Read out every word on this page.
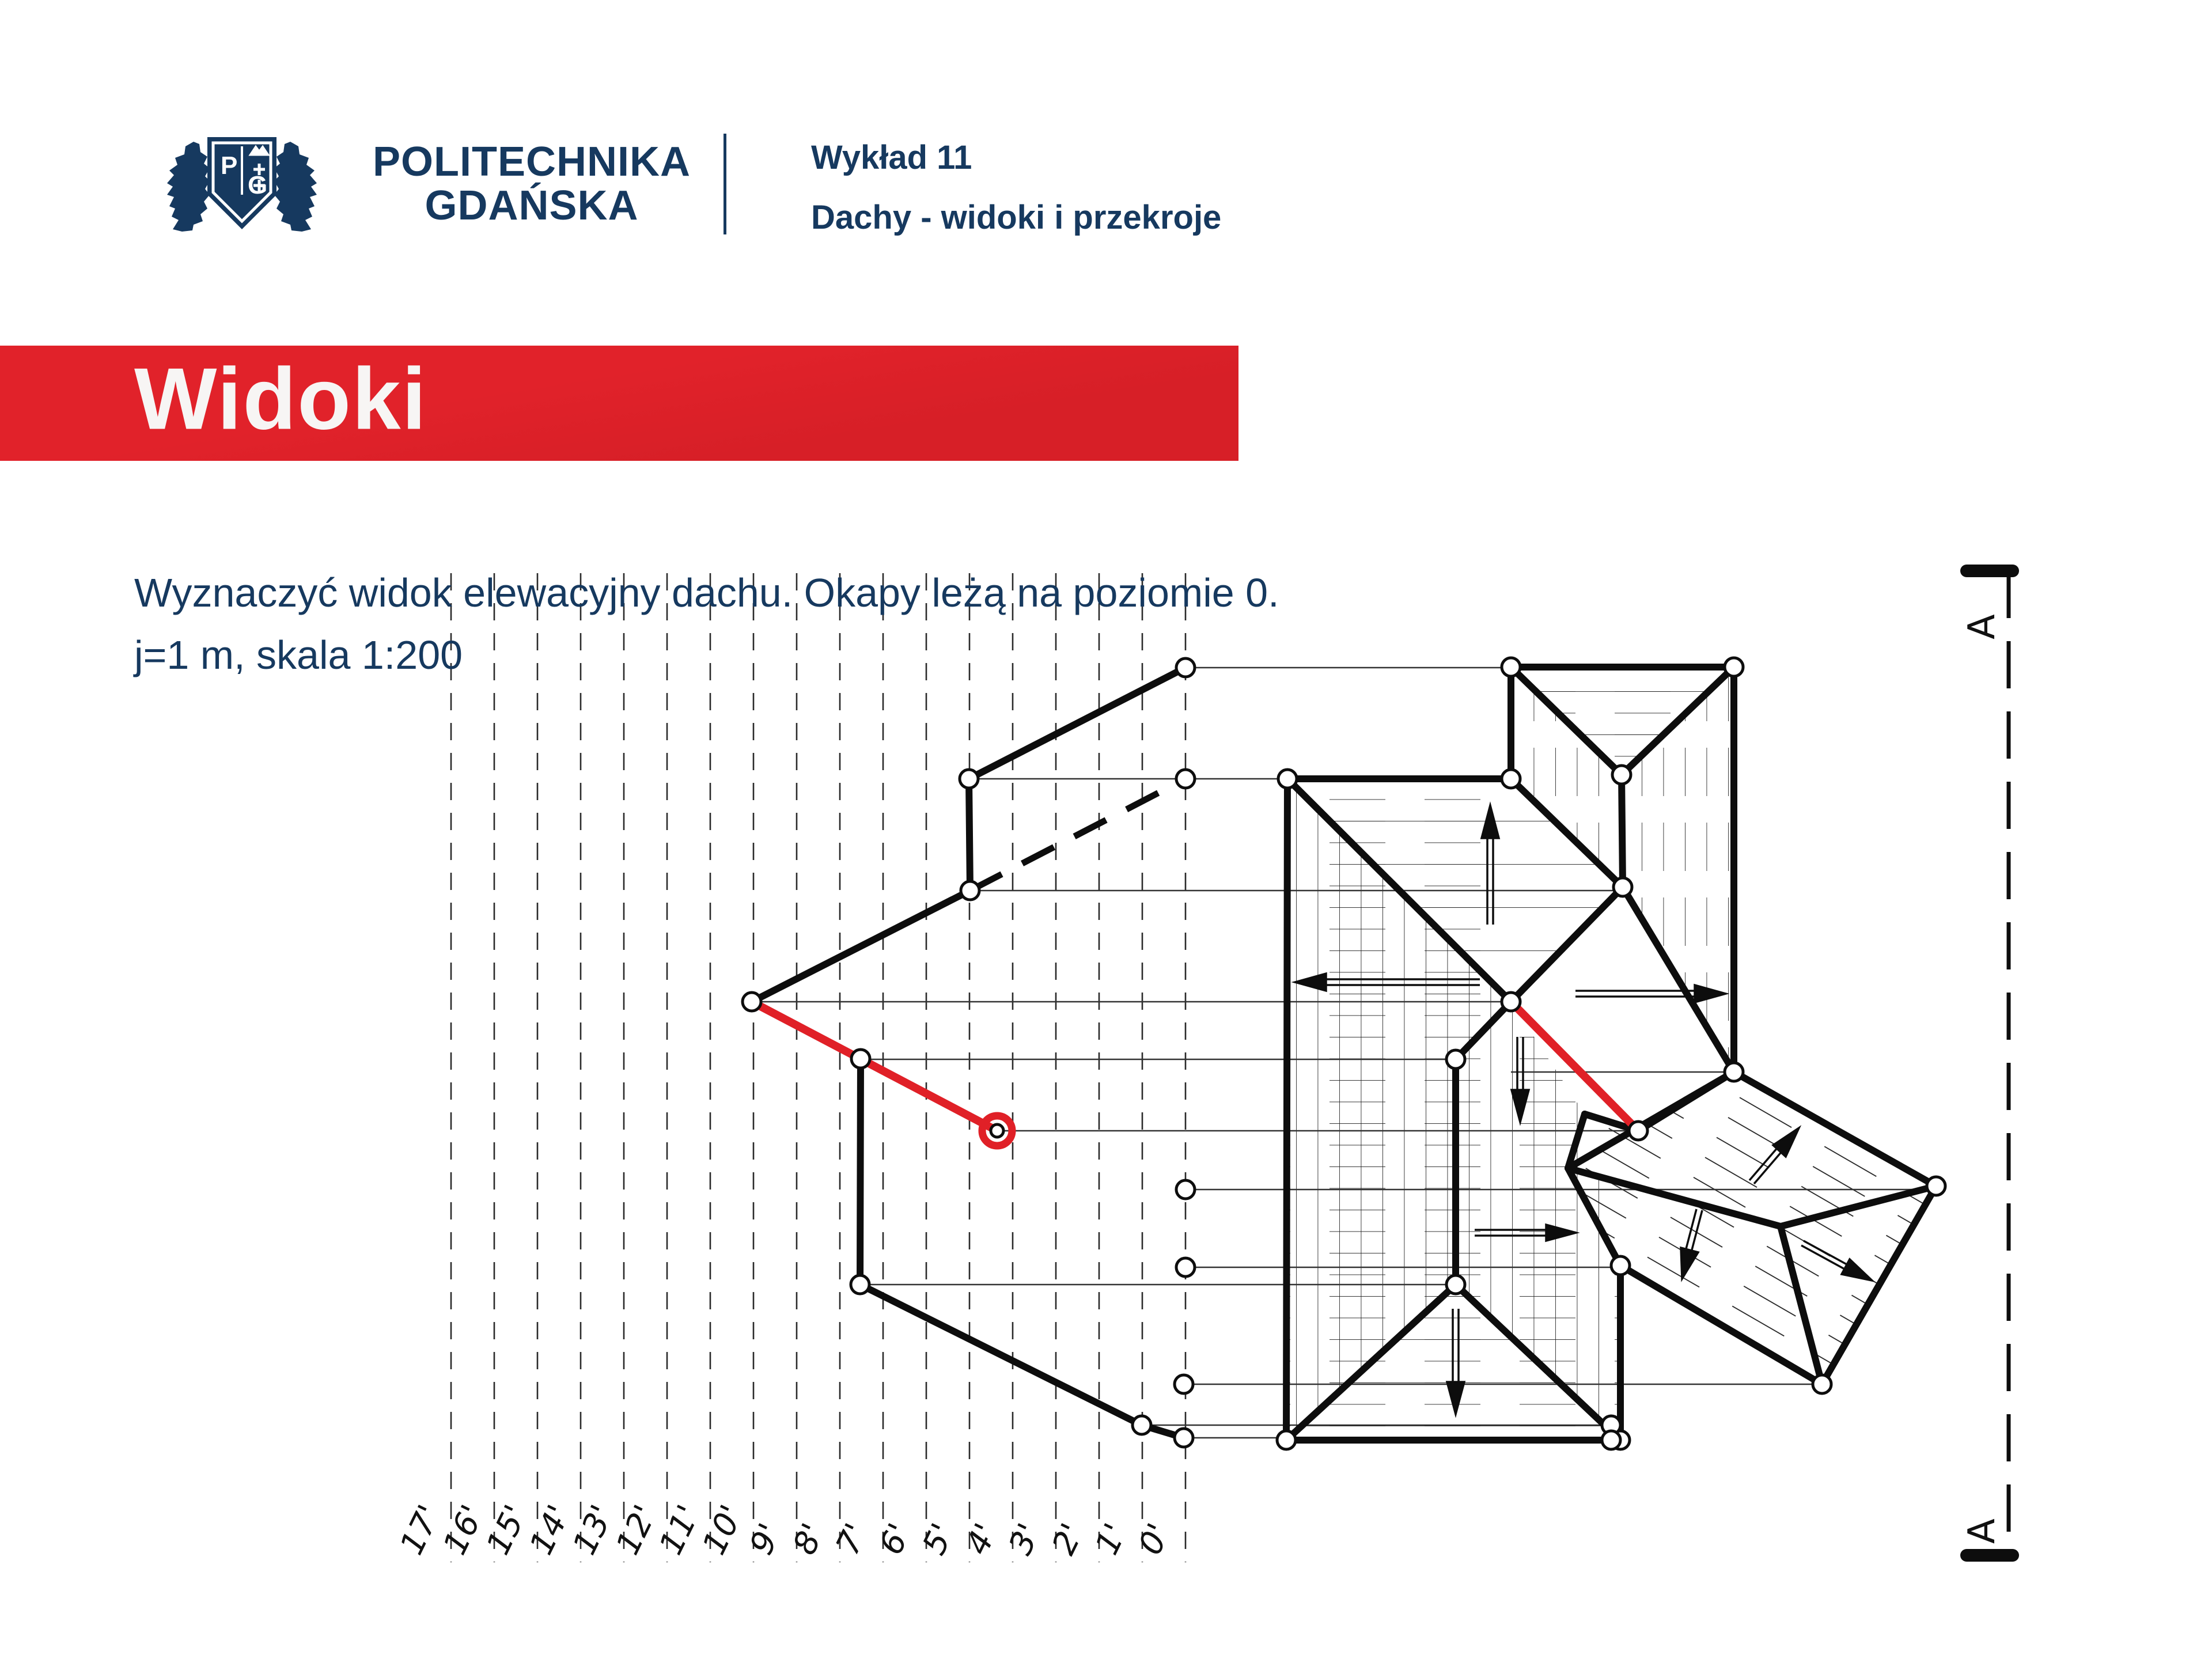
P
G
POLITECHNIKA
GDAŃSKA
Wykład 11
Dachy - widoki i przekroje
Widoki
Wyznaczyć widok elewacyjny dachu. Okapy leżą na poziomie 0.
j=1 m, skala 1:200
A
A
17'
16'
15'
14'
13'
12'
11'
10'
9'
8'
7'
6'
5'
4'
3'
2'
1'
0'
